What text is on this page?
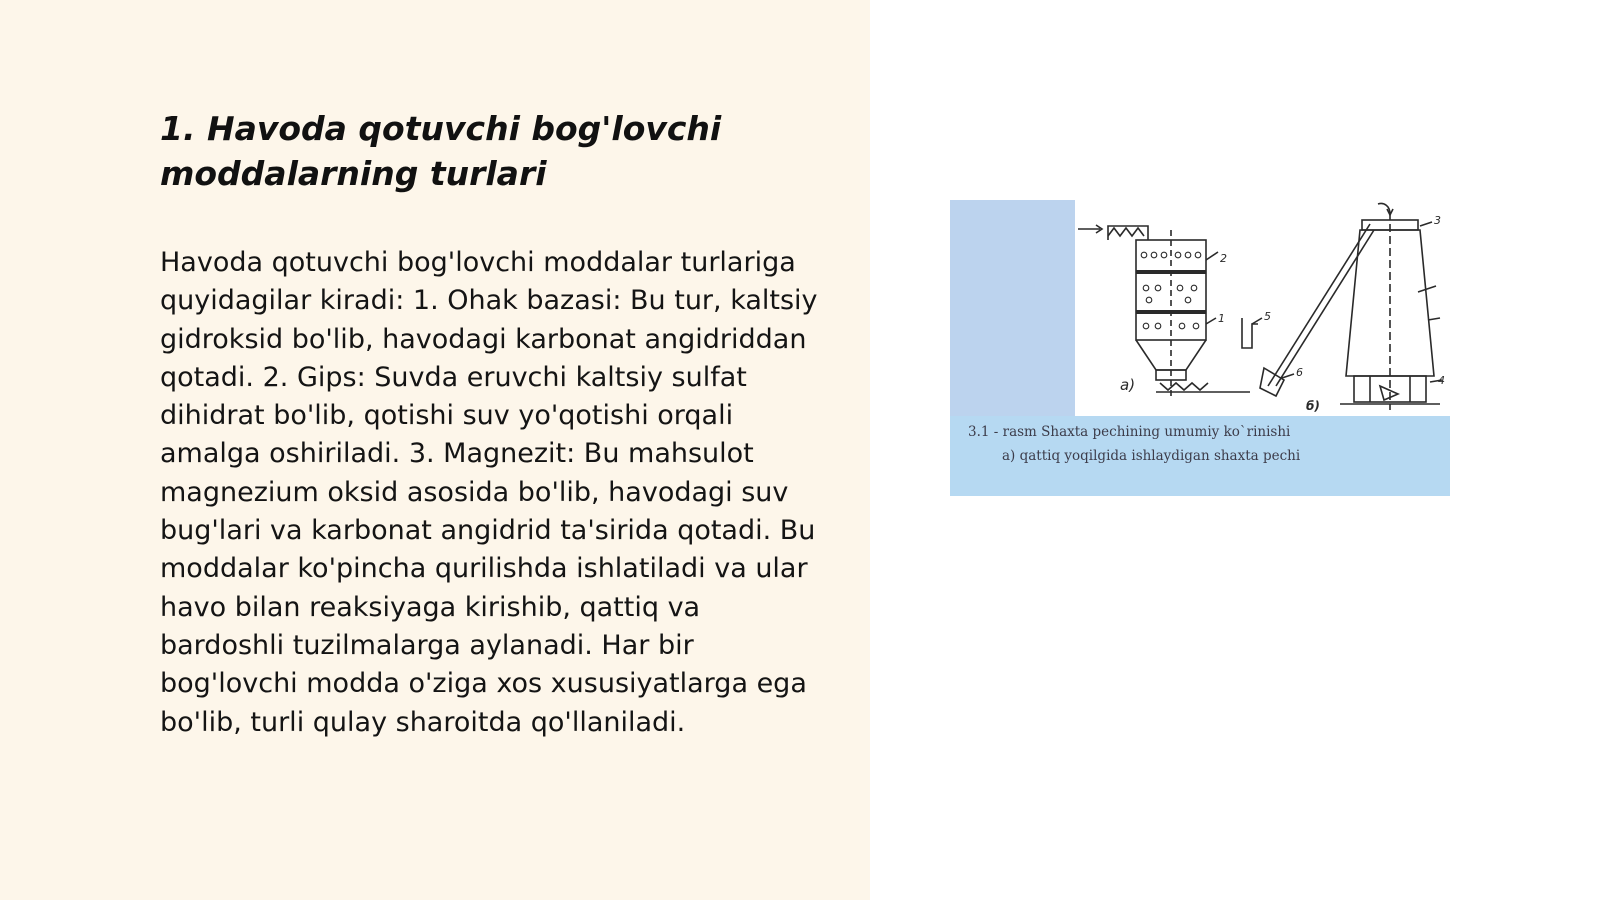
1. Havoda qotuvchi bog'lovchi moddalarning turlari

Havoda qotuvchi bog'lovchi moddalar turlariga quyidagilar kiradi: 1. Ohak bazasi: Bu tur, kaltsiy gidroksid bo'lib, havodagi karbonat angidriddan qotadi. 2. Gips: Suvda eruvchi kaltsiy sulfat dihidrat bo'lib, qotishi suv yo'qotishi orqali amalga oshiriladi. 3. Magnezit: Bu mahsulot magnezium oksid asosida bo'lib, havodagi suv bug'lari va karbonat angidrid ta'sirida qotadi. Bu moddalar ko'pincha qurilishda ishlatiladi va ular havo bilan reaksiyaga kirishib, qattiq va bardoshli tuzilmalarga aylanadi. Har bir bog'lovchi modda o'ziga xos xususiyatlarga ega bo'lib, turli qulay sharoitda qo'llaniladi.

a)
б)
2
1	5
6
3
4
3.1 - rasm Shaxta pechining umumiy ko`rinishi
a) qattiq yoqilgida ishlaydigan shaxta pechi
